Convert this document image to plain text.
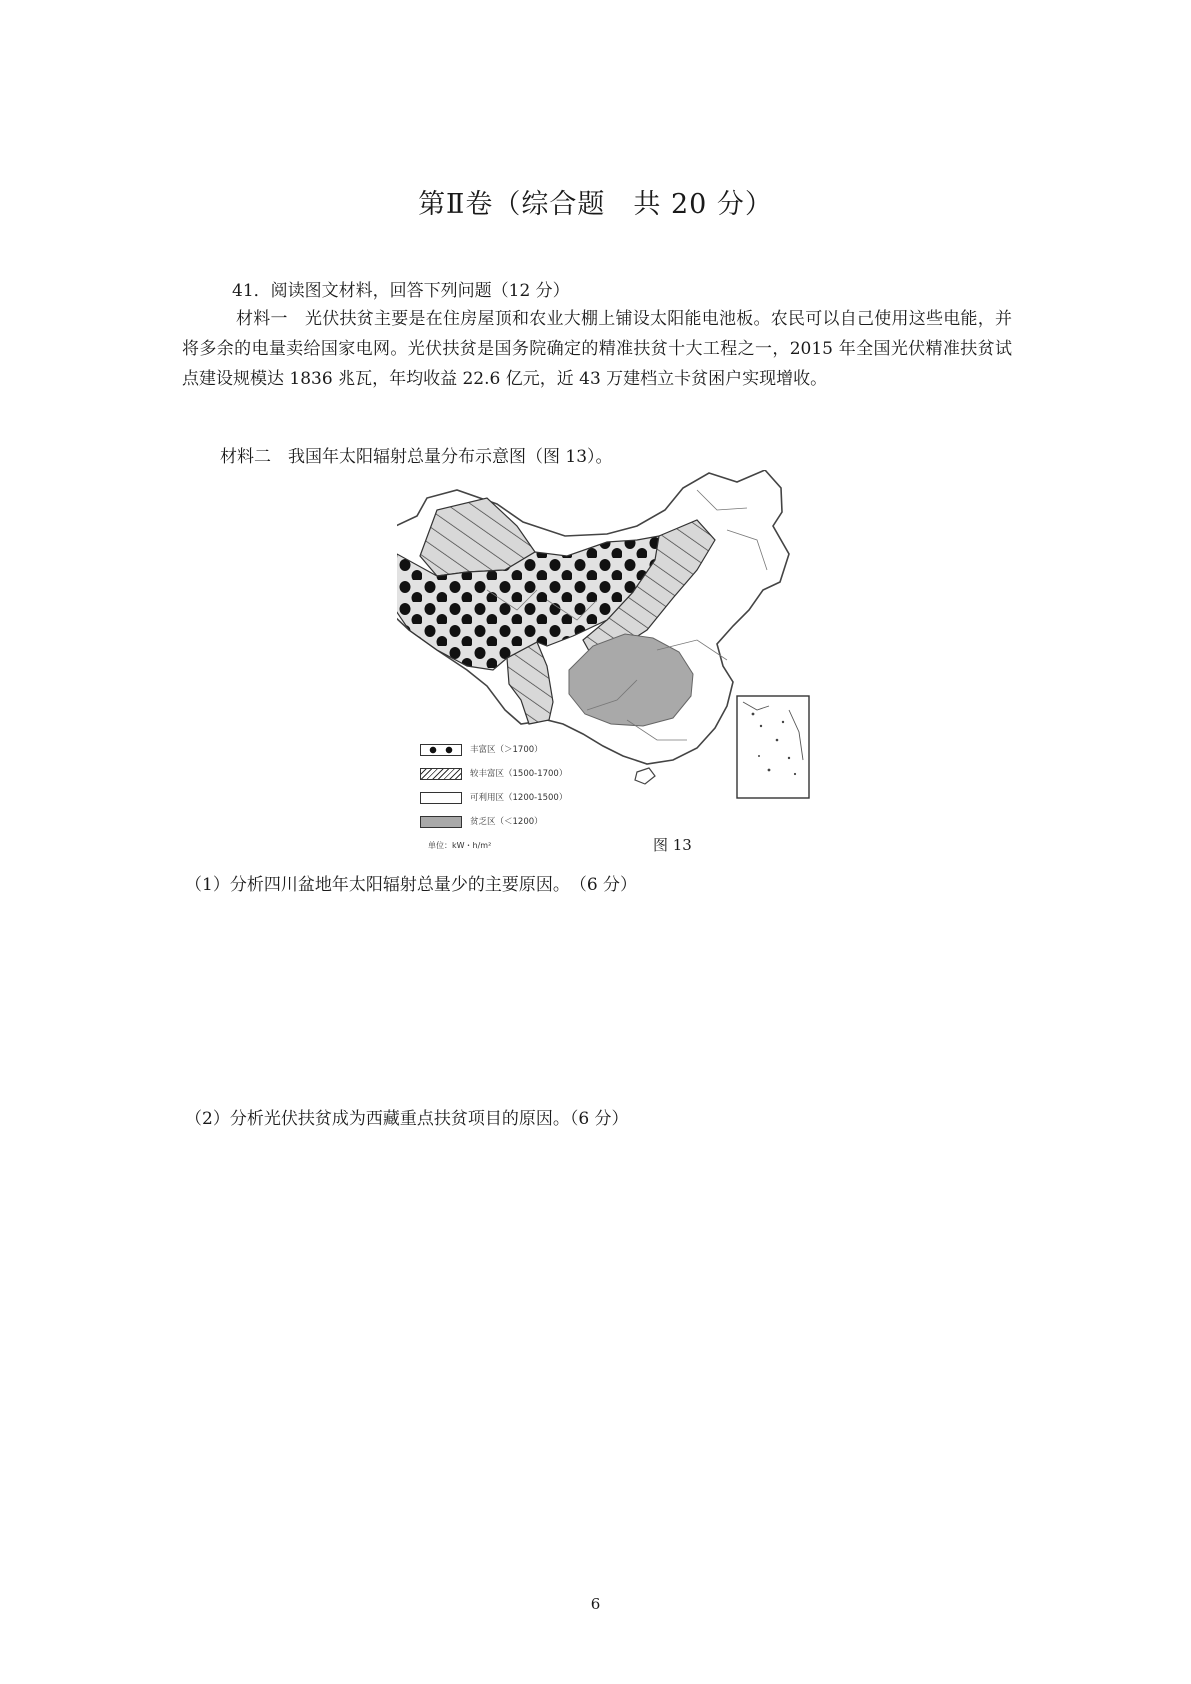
第Ⅱ卷（综合题　共 20 分）
41．阅读图文材料，回答下列问题（12 分）
材料一　光伏扶贫主要是在住房屋顶和农业大棚上铺设太阳能电池板。农民可以自己使用这些电能，并将多余的电量卖给国家电网。光伏扶贫是国务院确定的精准扶贫十大工程之一，2015 年全国光伏精准扶贫试点建设规模达 1836 兆瓦，年均收益 22.6 亿元，近 43 万建档立卡贫困户实现增收。
材料二　我国年太阳辐射总量分布示意图（图 13）。
丰富区（＞1700）
较丰富区（1500-1700）
可利用区（1200-1500）
贫乏区（＜1200）
单位：kW・h/m²	图 13
（1）分析四川盆地年太阳辐射总量少的主要原因。　（6 分）
（2）分析光伏扶贫成为西藏重点扶贫项目的原因。（6 分）
6
